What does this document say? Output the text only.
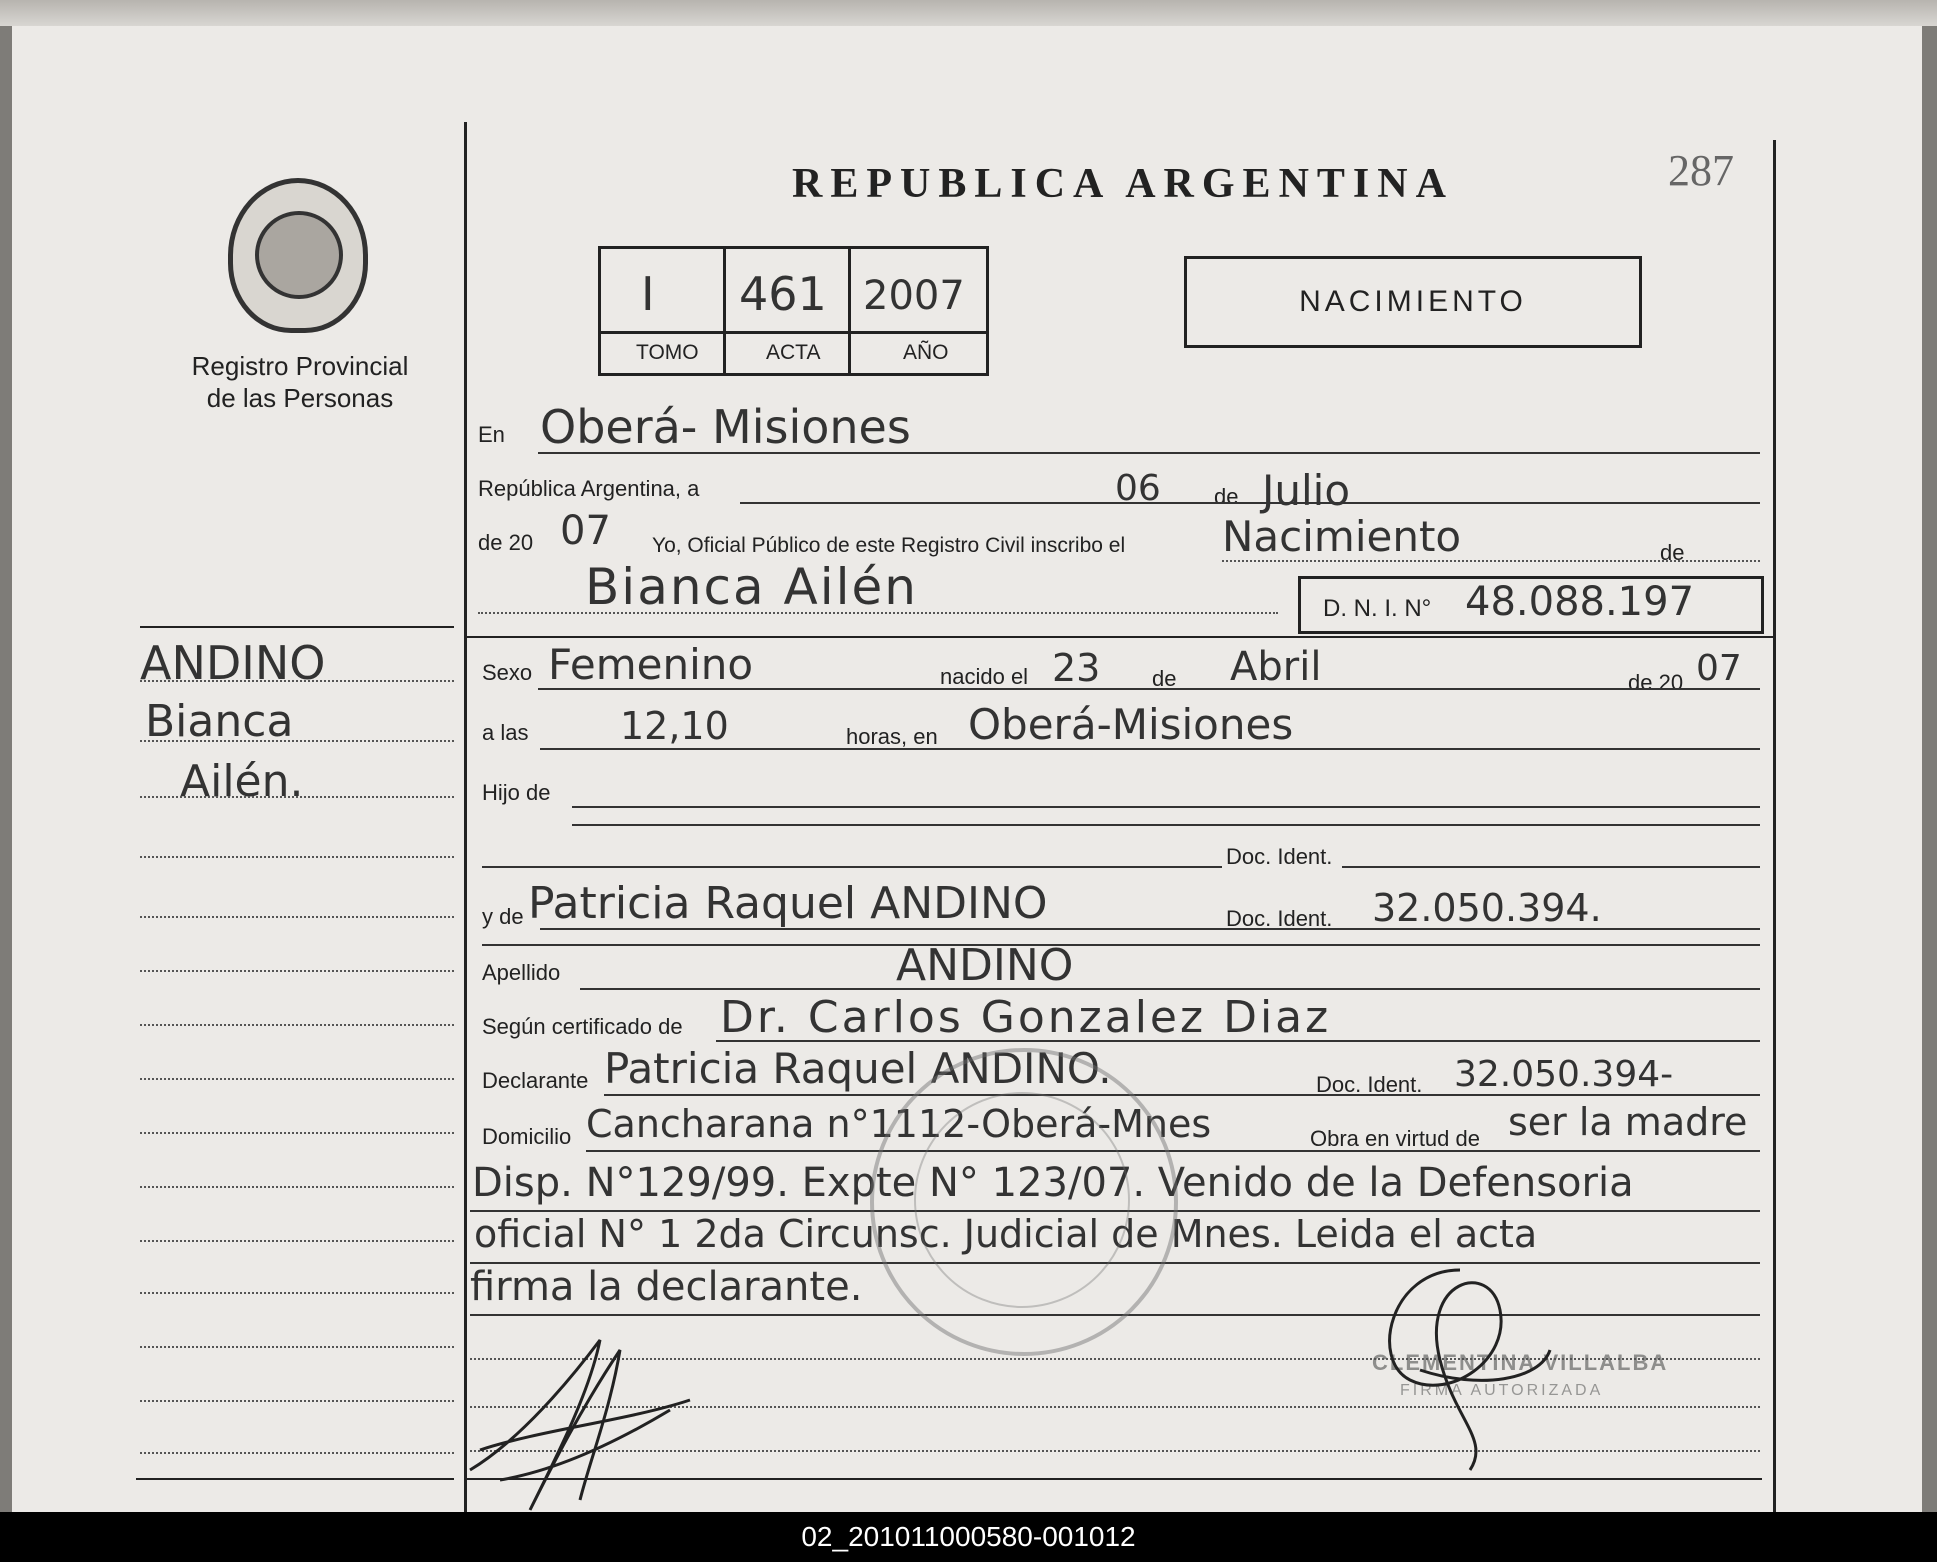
REPUBLICA ARGENTINA	287
Registro Provincial
de las Personas
I 461 2007
TOMO	ACTA	AÑO
NACIMIENTO
ANDINO
Bianca
Ailén.
En Oberá- Misiones
República Argentina, a	06 de Julio
de 20 07 Yo, Oficial Público de este Registro Civil inscribo el Nacimiento	de
Bianca Ailén	D. N. I. N° 48.088.197
Sexo Femenino	nacido el 23 de Abril	de 20 07
a las 12,10	horas, en Oberá-Misiones
Hijo de
Doc. Ident.
y de Patricia Raquel ANDINO	Doc. Ident. 32.050.394.
Apellido	ANDINO
Según certificado de Dr. Carlos Gonzalez Diaz
Declarante Patricia Raquel ANDINO.	Doc. Ident. 32.050.394-
Domicilio Cancharana n°1112-Oberá-Mnes	Obra en virtud de ser la madre
Disp. N°129/99. Expte N° 123/07. Venido de la Defensoria
oficial N° 1 2da Circunsc. Judicial de Mnes. Leida el acta
firma la declarante.
CLEMENTINA VILLALBA
FIRMA AUTORIZADA
02_201011000580-001012
